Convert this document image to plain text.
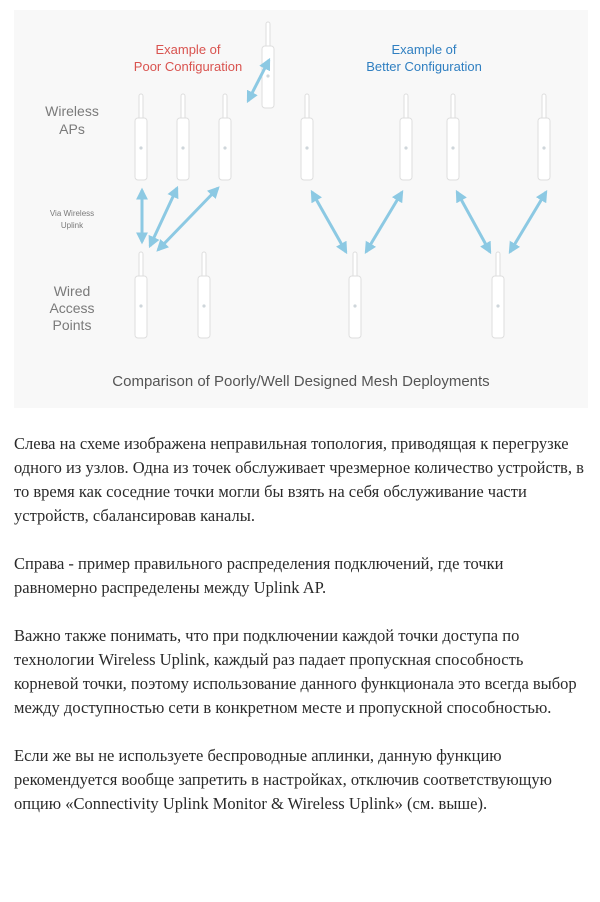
Example of
Poor Configuration
Example of
Better Configuration
Wireless
APs
Via Wireless
Uplink
Wired
Access
Points
Comparison of Poorly/Well Designed Mesh Deployments

Слева на схеме изображена неправильная топология, приводящая к перегрузке одного из узлов. Одна из точек обслуживает чрезмерное количество устройств, в то время как соседние точки могли бы взять на себя обслуживание части устройств, сбалансировав каналы.

Справа - пример правильного распределения подключений, где точки равномерно распределены между Uplink AP.

Важно также понимать, что при подключении каждой точки доступа по технологии Wireless Uplink, каждый раз падает пропускная способность корневой точки, поэтому использование данного функционала это всегда выбор между доступностью сети в конкретном месте и пропускной способностью.

Если же вы не используете беспроводные аплинки, данную функцию рекомендуется вообще запретить в настройках, отключив соответствующую опцию «Connectivity Uplink Monitor & Wireless Uplink» (см. выше).
